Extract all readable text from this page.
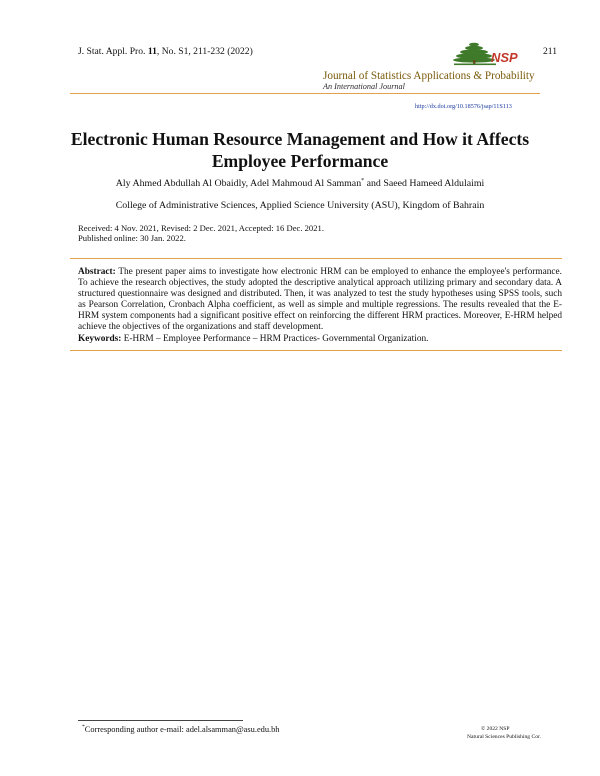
J. Stat. Appl. Pro. 11, No. S1, 211-232 (2022)	211
NSP
Journal of Statistics Applications & Probability
An International Journal
http://dx.doi.org/10.18576/jsap/11S113
Electronic Human Resource Management and How it Affects
Employee Performance
Aly Ahmed Abdullah Al Obaidly, Adel Mahmoud Al Samman* and Saeed Hameed Aldulaimi
College of Administrative Sciences, Applied Science University (ASU), Kingdom of Bahrain
Received: 4 Nov. 2021, Revised: 2 Dec. 2021, Accepted: 16 Dec. 2021.
Published online: 30 Jan. 2022.
Abstract: The present paper aims to investigate how electronic HRM can be employed to enhance the employee's performance. To achieve the research objectives, the study adopted the descriptive analytical approach utilizing primary and secondary data. A structured questionnaire was designed and distributed. Then, it was analyzed to test the study hypotheses using SPSS tools, such as Pearson Correlation, Cronbach Alpha coefficient, as well as simple and multiple regressions. The results revealed that the E-HRM system components had a significant positive effect on reinforcing the different HRM practices. Moreover, E-HRM helped achieve the objectives of the organizations and staff development.
Keywords: E-HRM – Employee Performance – HRM Practices- Governmental Organization.
*Corresponding author e-mail: adel.alsamman@asu.edu.bh	© 2022 NSP
Natural Sciences Publishing Cor.
